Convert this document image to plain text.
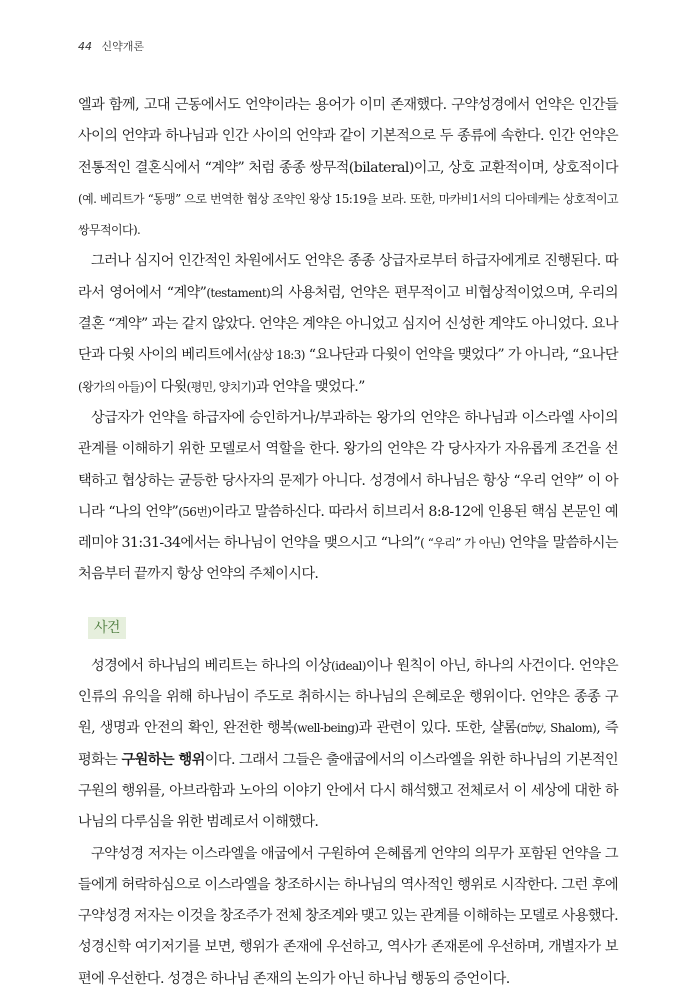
44 신약개론

엘과 함께, 고대 근동에서도 언약이라는 용어가 이미 존재했다. 구약성경에서 언약은 인간들 사이의 언약과 하나님과 인간 사이의 언약과 같이 기본적으로 두 종류에 속한다. 인간 언약은 전통적인 결혼식에서 “계약” 처럼 종종 쌍무적(bilateral)이고, 상호 교환적이며, 상호적이다(예. 베리트가 “동맹” 으로 번역한 협상 조약인 왕상 15:19을 보라. 또한, 마카비1서의 디아데케는 상호적이고 쌍무적이다).

그러나 심지어 인간적인 차원에서도 언약은 종종 상급자로부터 하급자에게로 진행된다. 따라서 영어에서 “계약”(testament)의 사용처럼, 언약은 편무적이고 비협상적이었으며, 우리의 결혼 “계약” 과는 같지 않았다. 언약은 계약은 아니었고 심지어 신성한 계약도 아니었다. 요나단과 다윗 사이의 베리트에서(삼상 18:3) “요나단과 다윗이 언약을 맺었다” 가 아니라, “요나단(왕가의 아들)이 다윗(평민, 양치기)과 언약을 맺었다.”

상급자가 언약을 하급자에 승인하거나/부과하는 왕가의 언약은 하나님과 이스라엘 사이의 관계를 이해하기 위한 모델로서 역할을 한다. 왕가의 언약은 각 당사자가 자유롭게 조건을 선택하고 협상하는 균등한 당사자의 문제가 아니다. 성경에서 하나님은 항상 “우리 언약” 이 아니라 “나의 언약”(56번)이라고 말씀하신다. 따라서 히브리서 8:8-12에 인용된 핵심 본문인 예레미야 31:31-34에서는 하나님이 언약을 맺으시고 “나의”( “우리” 가 아닌) 언약을 말씀하시는 처음부터 끝까지 항상 언약의 주체이시다.

사건

성경에서 하나님의 베리트는 하나의 이상(ideal)이나 원칙이 아닌, 하나의 사건이다. 언약은 인류의 유익을 위해 하나님이 주도로 취하시는 하나님의 은혜로운 행위이다. 언약은 종종 구원, 생명과 안전의 확인, 완전한 행복(well-being)과 관련이 있다. 또한, 샬롬(שָׁלוֹם, Shalom), 즉 평화는 구원하는 행위이다. 그래서 그들은 출애굽에서의 이스라엘을 위한 하나님의 기본적인 구원의 행위를, 아브라함과 노아의 이야기 안에서 다시 해석했고 전체로서 이 세상에 대한 하나님의 다루심을 위한 범례로서 이해했다.

구약성경 저자는 이스라엘을 애굽에서 구원하여 은혜롭게 언약의 의무가 포함된 언약을 그들에게 허락하심으로 이스라엘을 창조하시는 하나님의 역사적인 행위로 시작한다. 그런 후에 구약성경 저자는 이것을 창조주가 전체 창조계와 맺고 있는 관계를 이해하는 모델로 사용했다. 성경신학 여기저기를 보면, 행위가 존재에 우선하고, 역사가 존재론에 우선하며, 개별자가 보편에 우선한다. 성경은 하나님 존재의 논의가 아닌 하나님 행동의 증언이다.
